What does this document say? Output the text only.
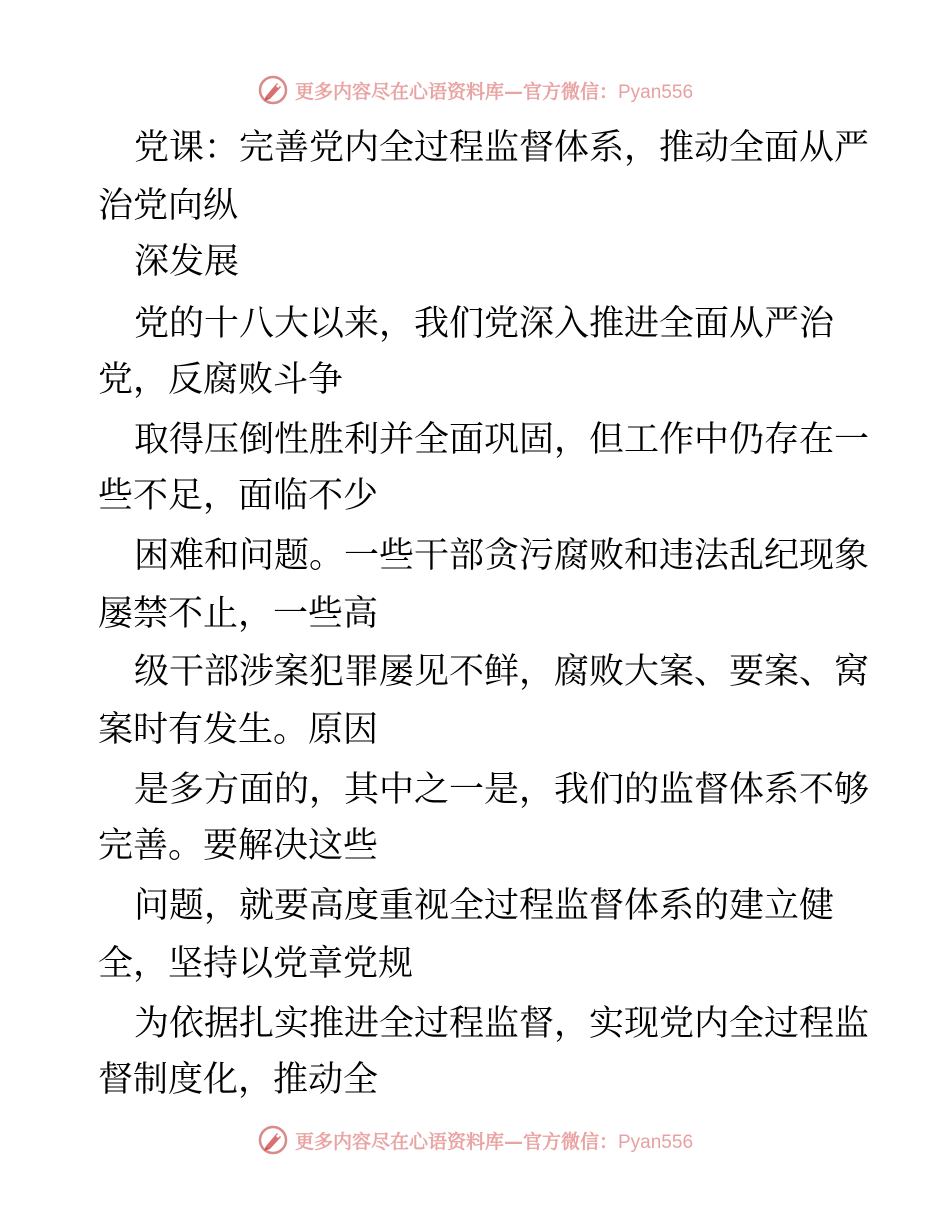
更多内容尽在心语资料库—官方微信：Pyan556
党课：完善党内全过程监督体系，推动全面从严
治党向纵
深发展
党的十八大以来，我们党深入推进全面从严治
党，反腐败斗争
取得压倒性胜利并全面巩固，但工作中仍存在一
些不足，面临不少
困难和问题。一些干部贪污腐败和违法乱纪现象
屡禁不止，一些高
级干部涉案犯罪屡见不鲜，腐败大案、要案、窝
案时有发生。原因
是多方面的，其中之一是，我们的监督体系不够
完善。要解决这些
问题，就要高度重视全过程监督体系的建立健
全，坚持以党章党规
为依据扎实推进全过程监督，实现党内全过程监
督制度化，推动全
更多内容尽在心语资料库—官方微信：Pyan556
